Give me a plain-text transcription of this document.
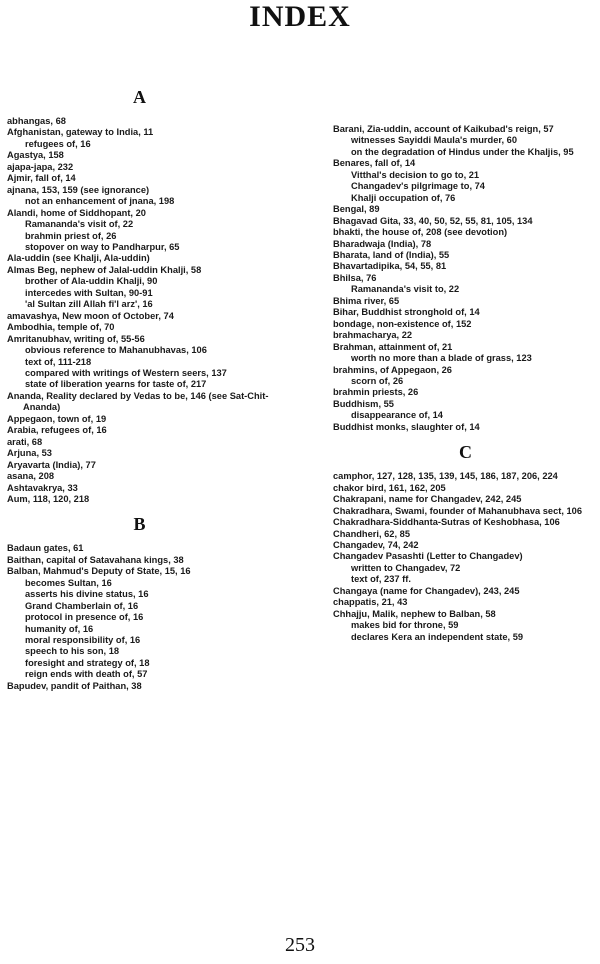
INDEX
A
abhangas, 68
Afghanistan, gateway to India, 11
refugees of, 16
Agastya, 158
ajapa-japa, 232
Ajmir, fall of, 14
ajnana, 153, 159 (see ignorance)
not an enhancement of jnana, 198
Alandi, home of Siddhopant, 20
Ramananda's visit of, 22
brahmin priest of, 26
stopover on way to Pandharpur, 65
Ala-uddin (see Khalji, Ala-uddin)
Almas Beg, nephew of Jalal-uddin Khalji, 58
brother of Ala-uddin Khalji, 90
intercedes with Sultan, 90-91
'al Sultan zill Allah fi'l arz', 16
amavashya, New moon of October, 74
Ambodhia, temple of, 70
Amritanubhav, writing of, 55-56
obvious reference to Mahanubhavas, 106
text of, 111-218
compared with writings of Western seers, 137
state of liberation yearns for taste of, 217
Ananda, Reality declared by Vedas to be, 146 (see Sat-Chit-Ananda)
Appegaon, town of, 19
Arabia, refugees of, 16
arati, 68
Arjuna, 53
Aryavarta (India), 77
asana, 208
Ashtavakrya, 33
Aum, 118, 120, 218
B
Badaun gates, 61
Baithan, capital of Satavahana kings, 38
Balban, Mahmud's Deputy of State, 15, 16
becomes Sultan, 16
asserts his divine status, 16
Grand Chamberlain of, 16
protocol in presence of, 16
humanity of, 16
moral responsibility of, 16
speech to his son, 18
foresight and strategy of, 18
reign ends with death of, 57
Bapudev, pandit of Paithan, 38
Barani, Zia-uddin, account of Kaikubad's reign, 57
witnesses Sayiddi Maula's murder, 60
on the degradation of Hindus under the Khaljis, 95
Benares, fall of, 14
Vitthal's decision to go to, 21
Changadev's pilgrimage to, 74
Khalji occupation of, 76
Bengal, 89
Bhagavad Gita, 33, 40, 50, 52, 55, 81, 105, 134
bhakti, the house of, 208 (see devotion)
Bharadwaja (India), 78
Bharata, land of (India), 55
Bhavartadipika, 54, 55, 81
Bhilsa, 76
Ramananda's visit to, 22
Bhima river, 65
Bihar, Buddhist stronghold of, 14
bondage, non-existence of, 152
brahmacharya, 22
Brahman, attainment of, 21
worth no more than a blade of grass, 123
brahmins, of Appegaon, 26
scorn of, 26
brahmin priests, 26
Buddhism, 55
disappearance of, 14
Buddhist monks, slaughter of, 14
C
camphor, 127, 128, 135, 139, 145, 186, 187, 206, 224
chakor bird, 161, 162, 205
Chakrapani, name for Changadev, 242, 245
Chakradhara, Swami, founder of Mahanubhava sect, 106
Chakradhara-Siddhanta-Sutras of Keshobhasa, 106
Chandheri, 62, 85
Changadev, 74, 242
Changadev Pasashti (Letter to Changadev)
written to Changadev, 72
text of, 237 ff.
Changaya (name for Changadev), 243, 245
chappatis, 21, 43
Chhajju, Malik, nephew to Balban, 58
makes bid for throne, 59
declares Kera an independent state, 59
253
